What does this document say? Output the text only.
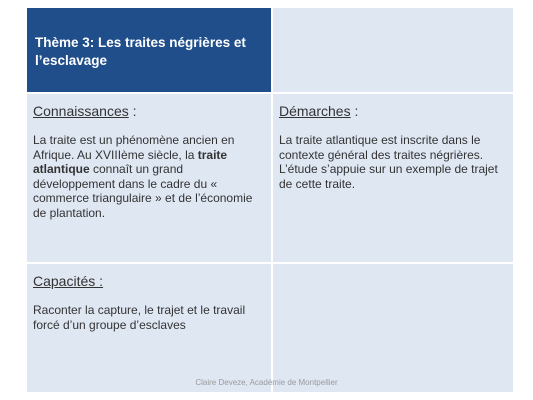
Thème 3: Les traites négrières et l’esclavage
Connaissances :
La traite est un phénomène ancien en Afrique. Au XVIIIème siècle, la traite atlantique connaît un grand développement dans le cadre du « commerce triangulaire » et de l’économie de plantation.
Démarches :
La traite atlantique est inscrite dans le contexte général des traites négrières.
L’étude s’appuie sur un exemple de trajet de cette traite.
Capacités :
Raconter la capture, le trajet et le travail forcé d’un groupe d’esclaves
Claire Deveze, Académie de Montpellier
